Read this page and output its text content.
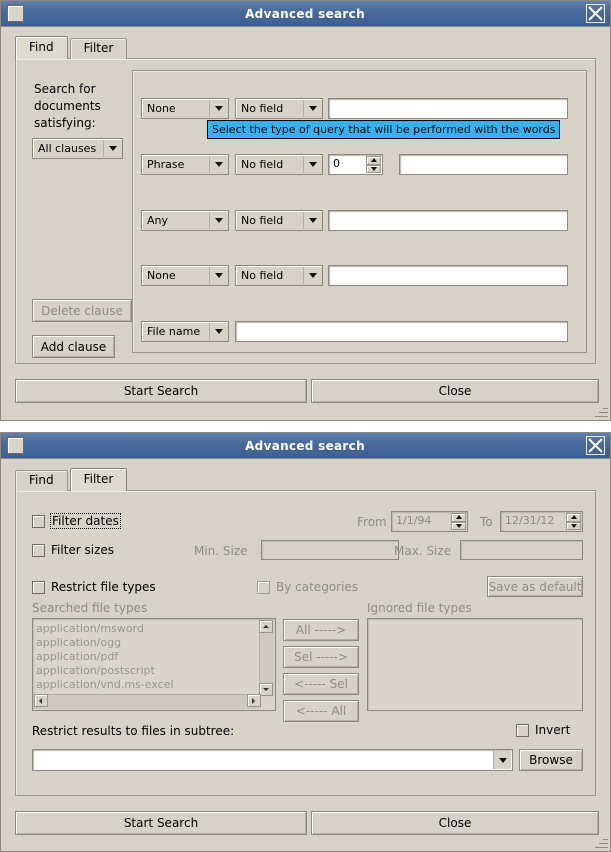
Advanced search
Find	Filter
Search for
documents
satisfying:
All clauses
Delete clause
Add clause
None	No field
Select the type of query that will be performed with the words
Phrase	No field	0
Any	No field
None	No field
File name
Start Search	Close
Advanced search
Find	Filter
Filter dates	From 1/1/94	To	12/31/12
Filter sizes	Min. Size	Max. Size
Restrict file types	By categories	Save as default
Searched file types
application/msword
application/ogg
application/pdf
application/postscript
application/vnd.ms-excel
All ----->
Sel ----->
<----- Sel
<----- All
Ignored file types
Restrict results to files in subtree:	Invert
Browse
Start Search	Close
